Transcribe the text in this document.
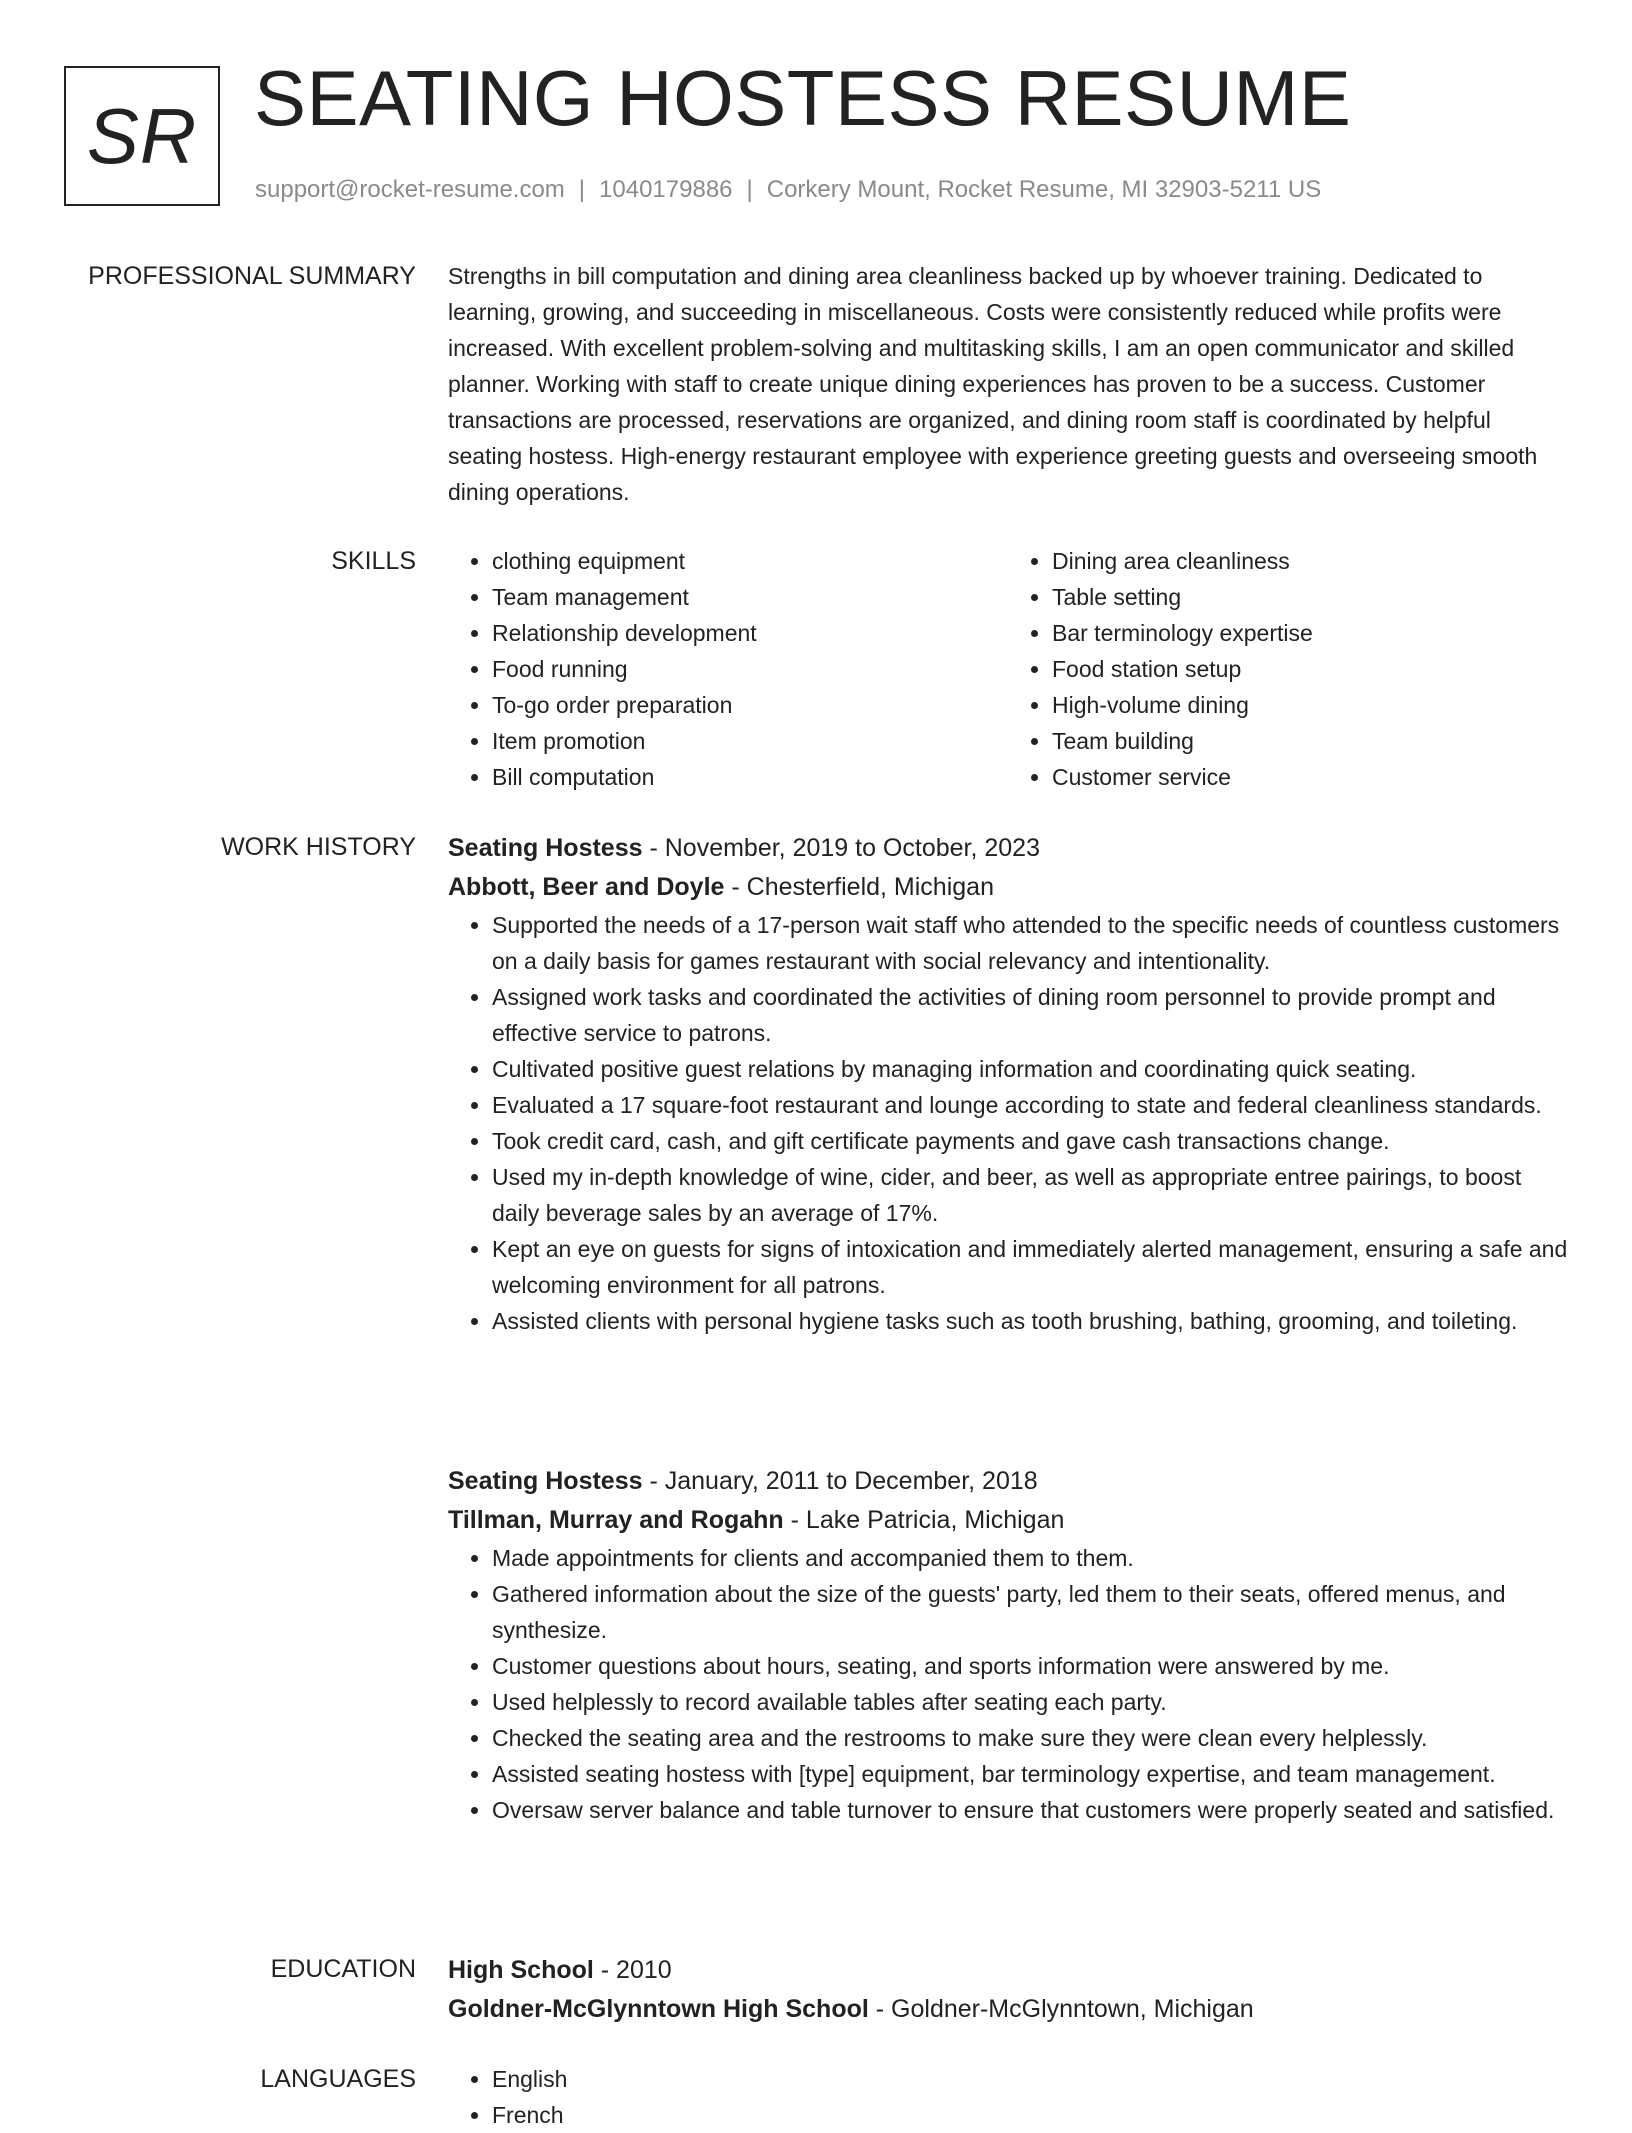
SR SEATING HOSTESS RESUME
support@rocket-resume.com | 1040179886 | Corkery Mount, Rocket Resume, MI 32903-5211 US
PROFESSIONAL SUMMARY Strengths in bill computation and dining area cleanliness backed up by whoever training. Dedicated to learning, growing, and succeeding in miscellaneous. Costs were consistently reduced while profits were increased. With excellent problem-solving and multitasking skills, I am an open communicator and skilled planner. Working with staff to create unique dining experiences has proven to be a success. Customer transactions are processed, reservations are organized, and dining room staff is coordinated by helpful seating hostess. High-energy restaurant employee with experience greeting guests and overseeing smooth dining operations.

SKILLS	• clothing equipment
• Team management
• Relationship development
• Food running
• To-go order preparation
• Item promotion
• Bill computation
• Dining area cleanliness
• Table setting
• Bar terminology expertise
• Food station setup
• High-volume dining
• Team building
• Customer service
WORK HISTORY Seating Hostess - November, 2019 to October, 2023
Abbott, Beer and Doyle - Chesterfield, Michigan
• Supported the needs of a 17-person wait staff who attended to the specific needs of countless customers on a daily basis for games restaurant with social relevancy and intentionality.
• Assigned work tasks and coordinated the activities of dining room personnel to provide prompt and effective service to patrons.
• Cultivated positive guest relations by managing information and coordinating quick seating.
• Evaluated a 17 square-foot restaurant and lounge according to state and federal cleanliness standards.
• Took credit card, cash, and gift certificate payments and gave cash transactions change.
• Used my in-depth knowledge of wine, cider, and beer, as well as appropriate entree pairings, to boost daily beverage sales by an average of 17%.
• Kept an eye on guests for signs of intoxication and immediately alerted management, ensuring a safe and welcoming environment for all patrons.
• Assisted clients with personal hygiene tasks such as tooth brushing, bathing, grooming, and toileting.
Seating Hostess - January, 2011 to December, 2018
Tillman, Murray and Rogahn - Lake Patricia, Michigan
• Made appointments for clients and accompanied them to them.
• Gathered information about the size of the guests' party, led them to their seats, offered menus, and synthesize.
• Customer questions about hours, seating, and sports information were answered by me.
• Used helplessly to record available tables after seating each party.
• Checked the seating area and the restrooms to make sure they were clean every helplessly.
• Assisted seating hostess with [type] equipment, bar terminology expertise, and team management.
• Oversaw server balance and table turnover to ensure that customers were properly seated and satisfied.
EDUCATION High School - 2010
Goldner-McGlynntown High School - Goldner-McGlynntown, Michigan
LANGUAGES	• English
• French
